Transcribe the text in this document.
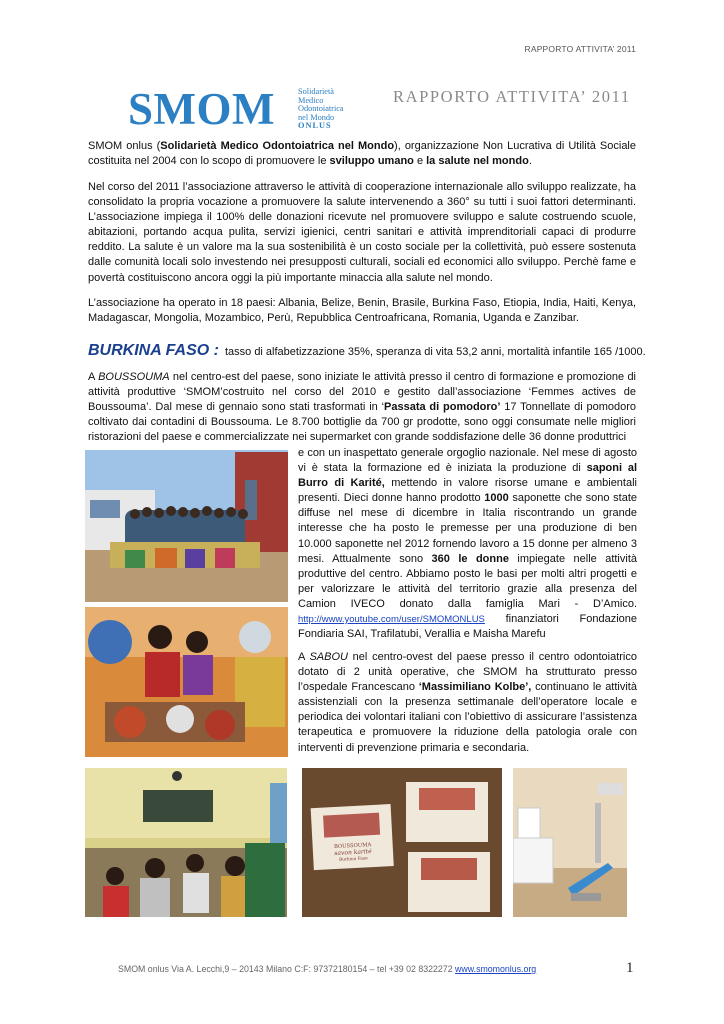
RAPPORTO ATTIVITA’ 2011
SMOM	Solidarietà
Medico
Odontoiatrica
nel Mondo
ONLUS
RAPPORTO ATTIVITA’ 2011
SMOM onlus (Solidarietà Medico Odontoiatrica nel Mondo), organizzazione Non Lucrativa di Utilità Sociale costituita nel 2004 con lo scopo di promuovere le sviluppo umano e la salute nel mondo.
Nel corso del 2011 l’associazione attraverso le attività di cooperazione internazionale allo sviluppo realizzate, ha consolidato la propria vocazione a promuovere la salute intervenendo a 360° su tutti i suoi fattori determinanti. L’associazione impiega il 100% delle donazioni ricevute nel promuovere sviluppo e salute costruendo scuole, abitazioni, portando acqua pulita, servizi igienici, centri sanitari e attività imprenditoriali capaci di produrre reddito. La salute è un valore ma la sua sostenibilità è un costo sociale per la collettività, può essere sostenuta dalle comunità locali solo investendo nei presupposti culturali, sociali ed economici allo sviluppo. Perchè fame e povertà costituiscono ancora oggi la più importante minaccia alla salute nel mondo.
L’associazione ha operato in 18 paesi: Albania, Belize, Benin, Brasile, Burkina Faso, Etiopia, India, Haiti, Kenya, Madagascar, Mongolia, Mozambico, Perù, Repubblica Centroafricana, Romania, Uganda e Zanzibar.
BURKINA FASO : tasso di alfabetizzazione 35%, speranza di vita 53,2 anni, mortalità infantile 165 /1000.
A BOUSSOUMA nel centro-est del paese, sono iniziate le attività presso il centro di formazione e promozione di attività produttive ‘SMOM’costruito nel corso del 2010 e gestito dall’associazione ‘Femmes actives de Boussouma’. Dal mese di gennaio sono stati trasformati in ‘Passata di pomodoro’ 17 Tonnellate di pomodoro coltivato dai contadini di Boussouma. Le 8.700 bottiglie da 700 gr prodotte, sono oggi consumate nelle migliori ristorazioni del paese e commercializzate nei supermarket con grande soddisfazione delle 36 donne produttrici
e con un inaspettato generale orgoglio nazionale. Nel mese di agosto vi è stata la formazione ed è iniziata la produzione di saponi al Burro di Karité, mettendo in valore risorse umane e ambientali presenti. Dieci donne hanno prodotto 1000 saponette che sono state diffuse nel mese di dicembre in Italia riscontrando un grande interesse che ha posto le premesse per una produzione di ben 10.000 saponette nel 2012 fornendo lavoro a 15 donne per almeno 3 mesi. Attualmente sono 360 le donne impiegate nelle attività produttive del centro. Abbiamo posto le basi per molti altri progetti e per valorizzare le attività del territorio grazie alla presenza del Camion IVECO donato dalla famiglia Mari - D’Amico. http://www.youtube.com/user/SMOMONLUS finanziatori Fondazione Fondiaria SAI, Trafilatubi, Verallia e Maisha Marefu
A SABOU nel centro-ovest del paese presso il centro odontoiatrico dotato di 2 unità operative, che SMOM ha strutturato presso l’ospedale Francescano ‘Massimiliano Kolbe’, continuano le attività assistenziali con la presenza settimanale dell’operatore locale e periodica dei volontari italiani con l’obiettivo di assicurare l’assistenza terapeutica e promuovere la riduzione della patologia orale con interventi di prevenzione primaria e secondaria.
BOUSSOUMA
savon karité
Burkina Faso
SMOM onlus Via A. Lecchi,9 – 20143 Milano C:F: 97372180154 – tel +39 02 8322272 www.smomonlus.org	1
